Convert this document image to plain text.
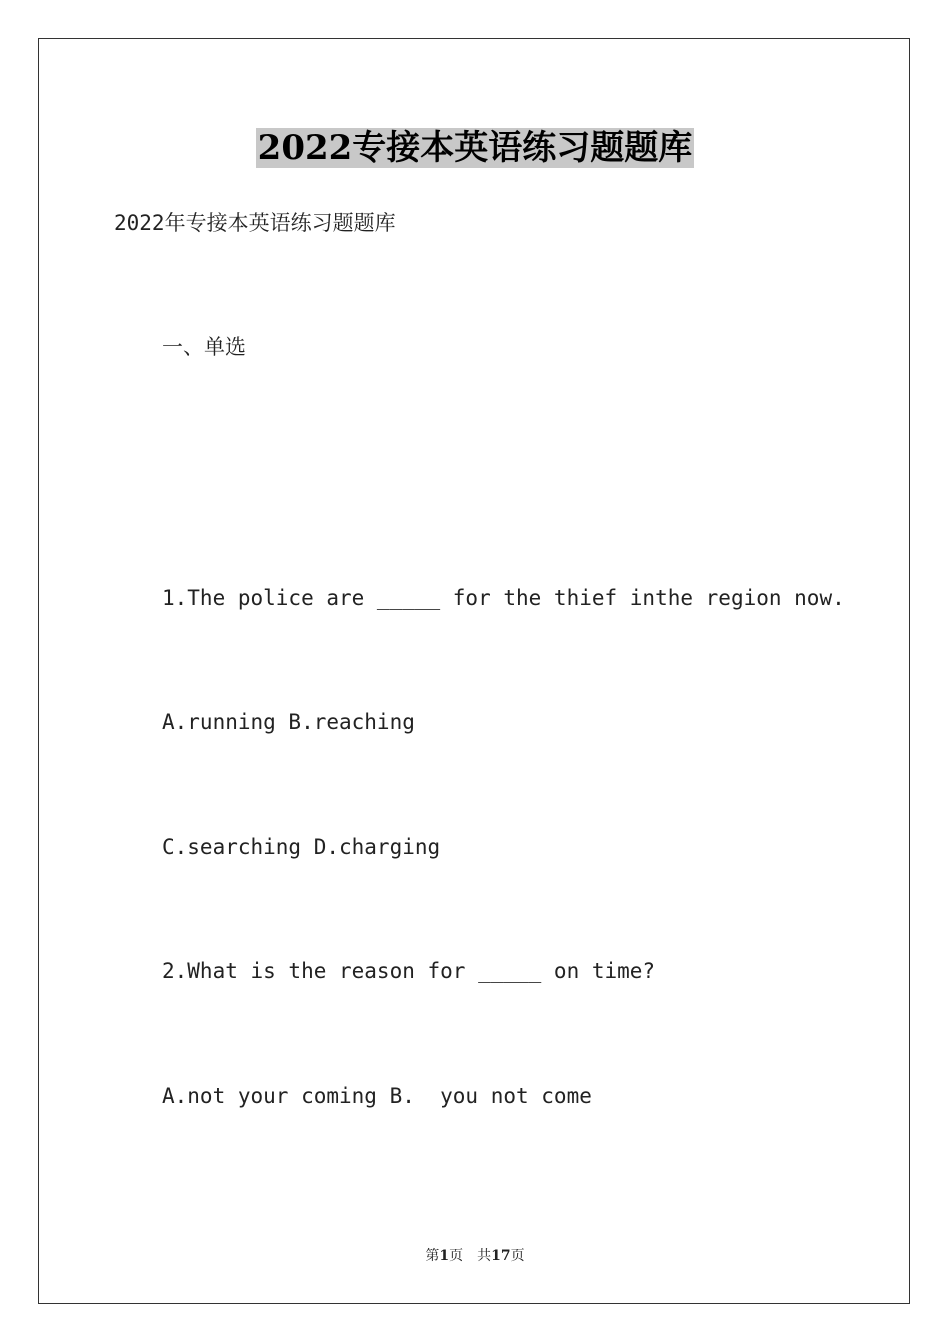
2022专接本英语练习题题库
2022年专接本英语练习题题库
一、单选
1.The police are _____ for the thief inthe region now.
A.running B.reaching
C.searching D.charging
2.What is the reason for _____ on time?
A.not your coming B.  you not come
第1页 共17页
